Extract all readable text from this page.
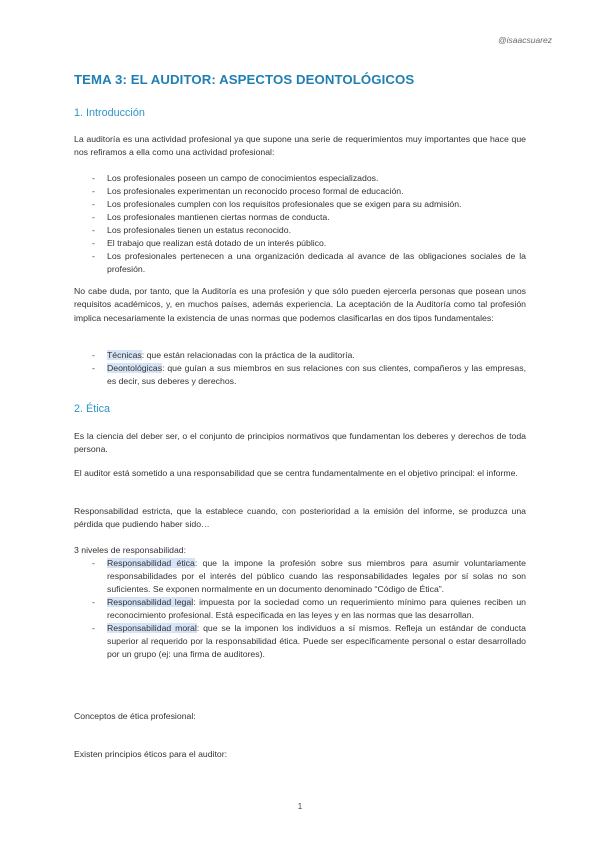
@isaacsuarez
TEMA 3: EL AUDITOR: ASPECTOS DEONTOLÓGICOS
1. Introducción
La auditoría es una actividad profesional ya que supone una serie de requerimientos muy importantes que hace que nos refiramos a ella como una actividad profesional:
- Los profesionales poseen un campo de conocimientos especializados.
- Los profesionales experimentan un reconocido proceso formal de educación.
- Los profesionales cumplen con los requisitos profesionales que se exigen para su admisión.
- Los profesionales mantienen ciertas normas de conducta.
- Los profesionales tienen un estatus reconocido.
- El trabajo que realizan está dotado de un interés público.
- Los profesionales pertenecen a una organización dedicada al avance de las obligaciones sociales de la profesión.
No cabe duda, por tanto, que la Auditoría es una profesión y que sólo pueden ejercerla personas que posean unos requisitos académicos, y, en muchos países, además experiencia. La aceptación de la Auditoría como tal profesión implica necesariamente la existencia de unas normas que podemos clasificarlas en dos tipos fundamentales:
- Técnicas: que están relacionadas con la práctica de la auditoría.
- Deontológicas: que guían a sus miembros en sus relaciones con sus clientes, compañeros y las empresas, es decir, sus deberes y derechos.
2. Ética
Es la ciencia del deber ser, o el conjunto de principios normativos que fundamentan los deberes y derechos de toda persona.
El auditor está sometido a una responsabilidad que se centra fundamentalmente en el objetivo principal: el informe.
Responsabilidad estricta, que la establece cuando, con posterioridad a la emisión del informe, se produzca una pérdida que pudiendo haber sido…
3 niveles de responsabilidad:
- Responsabilidad ética: que la impone la profesión sobre sus miembros para asumir voluntariamente responsabilidades por el interés del público cuando las responsabilidades legales por sí solas no son suficientes. Se exponen normalmente en un documento denominado “Código de Ética”.
- Responsabilidad legal: impuesta por la sociedad como un requerimiento mínimo para quienes reciben un reconocimiento profesional. Está especificada en las leyes y en las normas que las desarrollan.
- Responsabilidad moral: que se la imponen los individuos a sí mismos. Refleja un estándar de conducta superior al requerido por la responsabilidad ética. Puede ser específicamente personal o estar desarrollado por un grupo (ej: una firma de auditores).
Conceptos de ética profesional:
Existen principios éticos para el auditor:
1
